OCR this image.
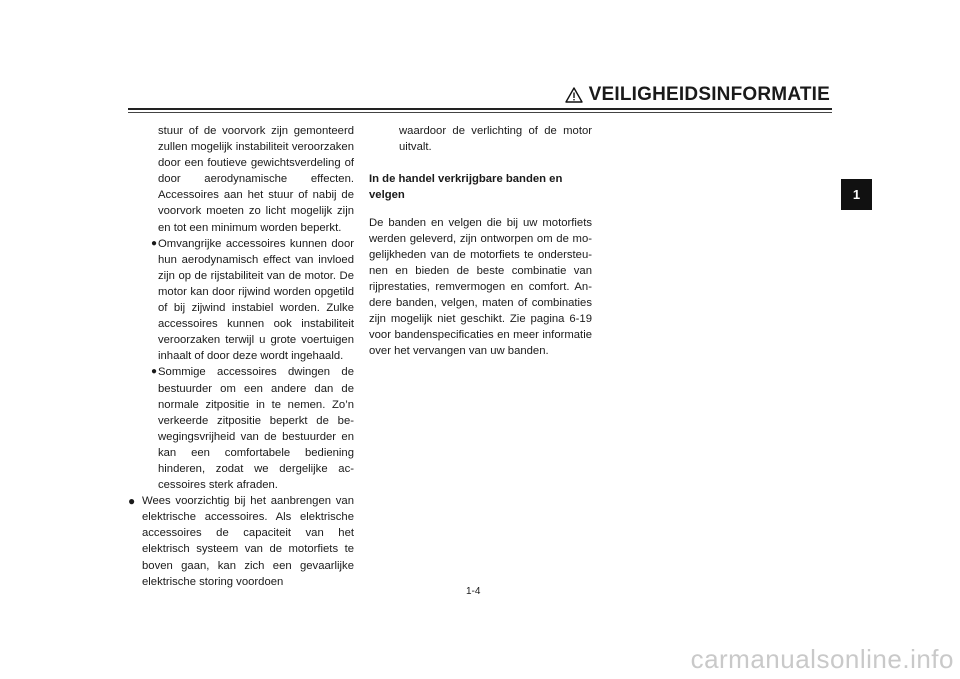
VEILIGHEIDSINFORMATIE
1

stuur of de voorvork zijn gemonteerd zullen mogelijk instabiliteit veroorzaken door een foutieve gewichtsverdeling of door aerodynamische effecten. Accessoires aan het stuur of nabij de voorvork moeten zo licht mogelijk zijn en tot een minimum worden beperkt.

● Omvangrijke accessoires kunnen door hun aerodynamisch effect van invloed zijn op de rijstabiliteit van de motor. De motor kan door rijwind worden opgetild of bij zijwind instabiel worden. Zulke accessoires kunnen ook instabiliteit veroorzaken terwijl u grote voertuigen inhaalt of door deze wordt ingehaald.

● Sommige accessoires dwingen de bestuurder om een andere dan de normale zitpositie in te nemen. Zo’n verkeerde zitpositie beperkt de bewegingsvrijheid van de bestuurder en kan een comfortabele bediening hinderen, zodat we dergelijke accessoires sterk afraden.

● Wees voorzichtig bij het aanbrengen van elektrische accessoires. Als elektrische accessoires de capaciteit van het elektrisch systeem van de motorfiets te boven gaan, kan zich een gevaarlijke elektrische storing voordoen

waardoor de verlichting of de motor uitvalt.

In de handel verkrijgbare banden en velgen

De banden en velgen die bij uw motorfiets werden geleverd, zijn ontworpen om de mogelijkheden van de motorfiets te ondersteunen en bieden de beste combinatie van rijprestaties, remvermogen en comfort. Andere banden, velgen, maten of combinaties zijn mogelijk niet geschikt. Zie pagina 6-19 voor bandenspecificaties en meer informatie over het vervangen van uw banden.

1-4
carmanualsonline.info
